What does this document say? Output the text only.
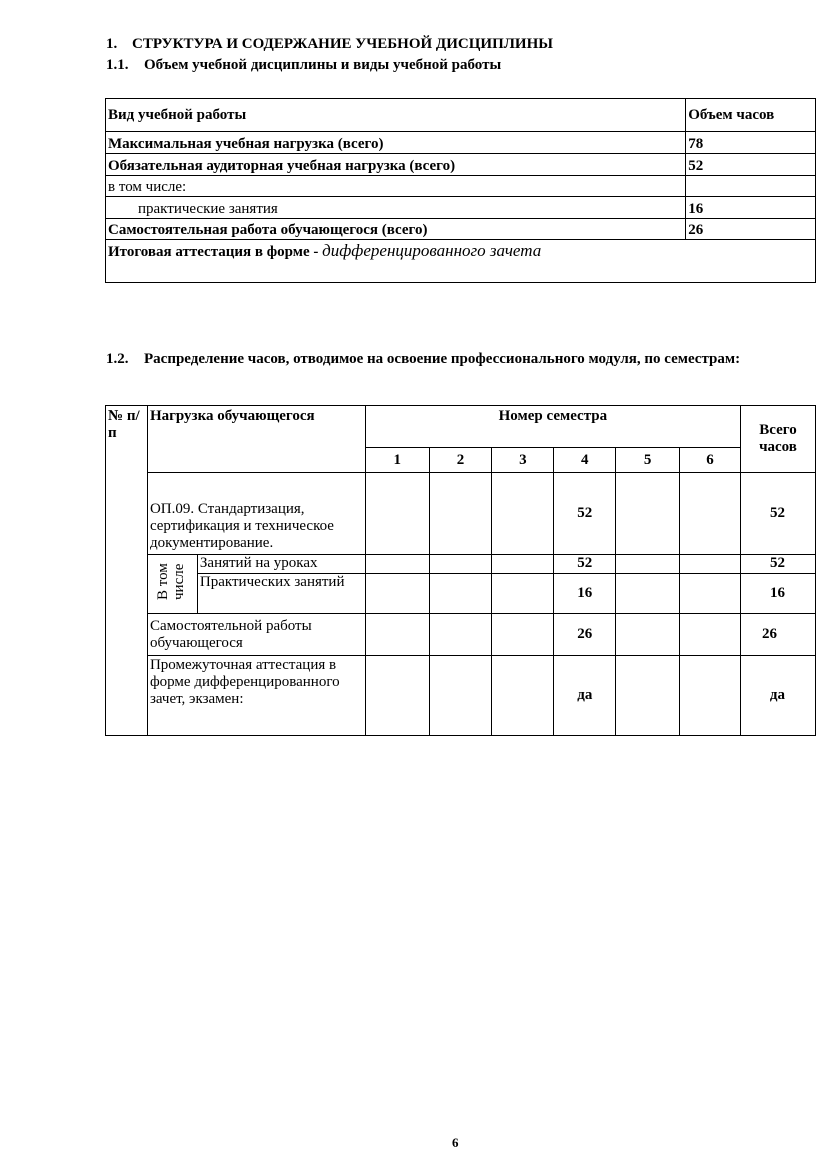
1. СТРУКТУРА И СОДЕРЖАНИЕ УЧЕБНОЙ ДИСЦИПЛИНЫ
1.1. Объем учебной дисциплины и виды учебной работы
Вид учебной работы	Объем часов
Максимальная учебная нагрузка (всего)	78
Обязательная аудиторная учебная нагрузка (всего)	52
в том числе:	
практические занятия	16
Самостоятельная работа обучающегося (всего)	26
Итоговая аттестация в форме - дифференцированного зачета	
1.2. Распределение часов, отводимое на освоение профессионального модуля, по семестрам:
№ п/п	Нагрузка обучающегося		Номер семестра						Всего часов
			1	2	3	4	5	6	
	ОП.09. Стандартизация, сертификация и техническое документирование.					52			52
	В том числе	Занятий на уроках				52			52
		Практических занятий				16			16
	Самостоятельной работы обучающегося					26			26
	Промежуточная аттестация в форме дифференцированного зачет, экзамен:					да			да
6
